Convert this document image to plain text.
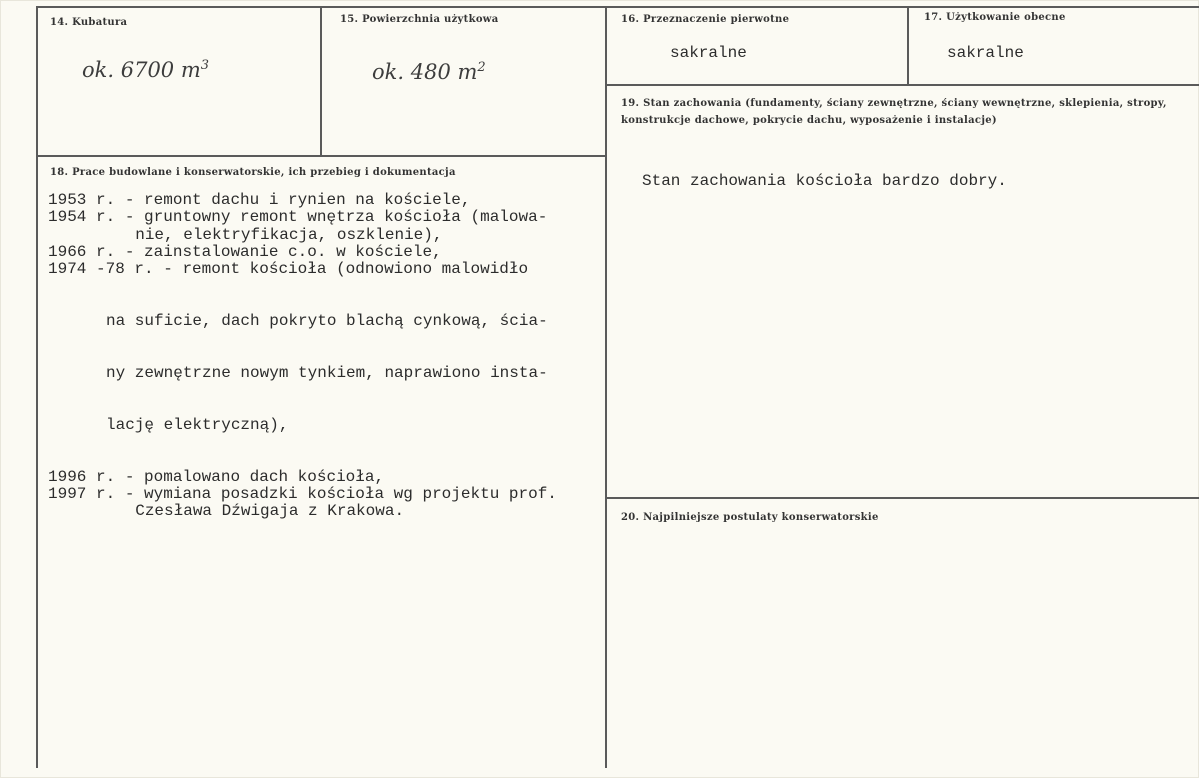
14. Kubatura
ok. 6700 $m^3$
15. Powierzchnia użytkowa
ok. 480 $m^2$
16. Przeznaczenie pierwotne
sakralne
17. Użytkowanie obecne
sakralne
18. Prace budowlane i konserwatorskie, ich przebieg i dokumentacja
1953 r. - remont dachu i rynien na kościele,
1954 r. - gruntowny remont wnętrza kościoła (malowa-
nie, elektryfikacja, oszklenie),
1966 r. - zainstalowanie c.o. w kościele,
1974 -78 r. - remont kościoła (odnowiono malowidło

na suficie, dach pokryto blachą cynkową, ścia-

ny zewnętrzne nowym tynkiem, naprawiono insta-

lację elektryczną),

1996 r. - pomalowano dach kościoła,
1997 r. - wymiana posadzki kościoła wg projektu prof.
Czesława Dźwigaja z Krakowa.
19. Stan zachowania (fundamenty, ściany zewnętrzne, ściany wewnętrzne, sklepienia, stropy, konstrukcje dachowe, pokrycie dachu, wyposażenie i instalacje)
Stan zachowania kościoła bardzo dobry.
20. Najpilniejsze postulaty konserwatorskie
